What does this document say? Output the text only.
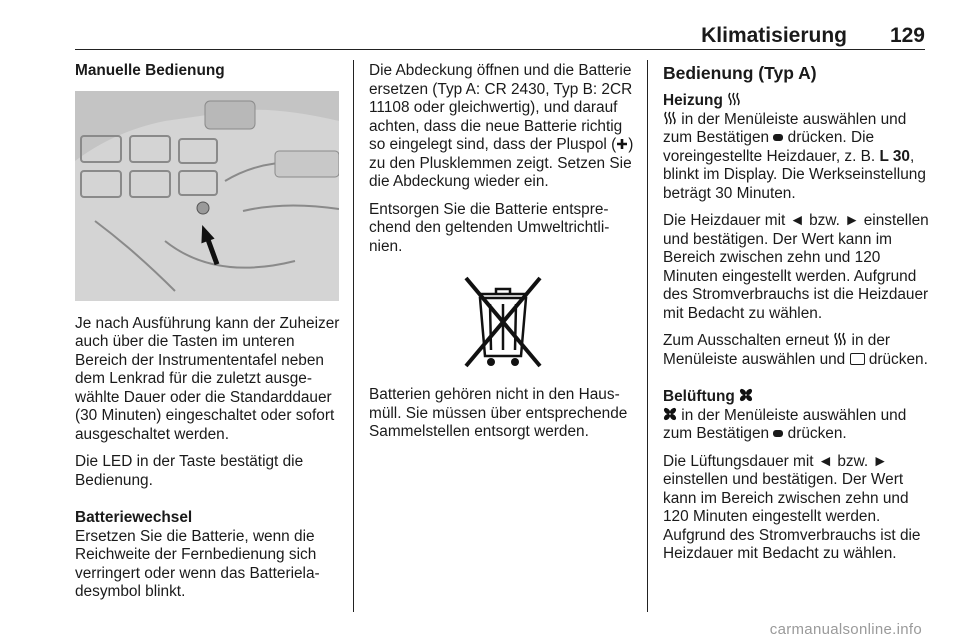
Klimatisierung 129
Manuelle Bedienung

Je nach Ausführung kann der Zuheizer auch über die Tasten im unteren Bereich der Instrumententafel neben dem Lenkrad für die zuletzt ausgewählte Dauer oder die Standarddauer (30 Minuten) eingeschaltet oder sofort ausgeschaltet werden.

Die LED in der Taste bestätigt die Bedienung.

Batteriewechsel

Ersetzen Sie die Batterie, wenn die Reichweite der Fernbedienung sich verringert oder wenn das Batterieladesymbol blinkt.

Die Abdeckung öffnen und die Batterie ersetzen (Typ A: CR 2430, Typ B: 2CR 11108 oder gleichwertig), und darauf achten, dass die neue Batterie richtig so eingelegt sind, dass der Pluspol ( ) zu den Plusklemmen zeigt. Setzen Sie die Abdeckung wieder ein.

Entsorgen Sie die Batterie entsprechend den geltenden Umweltrichtlinien.

Batterien gehören nicht in den Hausmüll. Sie müssen über entsprechende Sammelstellen entsorgt werden.

Bedienung (Typ A)
Heizung

in der Menüleiste auswählen und zum Bestätigen drücken. Die voreingestellte Heizdauer, z. B. L 30, blinkt im Display. Die Werkseinstellung beträgt 30 Minuten.

Die Heizdauer mit ◄ bzw. ► einstellen und bestätigen. Der Wert kann im Bereich zwischen zehn und 120 Minuten eingestellt werden. Aufgrund des Stromverbrauchs ist die Heizdauer mit Bedacht zu wählen.

Zum Ausschalten erneut in der Menüleiste auswählen und drücken.

Belüftung

in der Menüleiste auswählen und zum Bestätigen drücken.

Die Lüftungsdauer mit ◄ bzw. ► einstellen und bestätigen. Der Wert kann im Bereich zwischen zehn und 120 Minuten eingestellt werden. Aufgrund des Stromverbrauchs ist die Heizdauer mit Bedacht zu wählen.

carmanualsonline.info
